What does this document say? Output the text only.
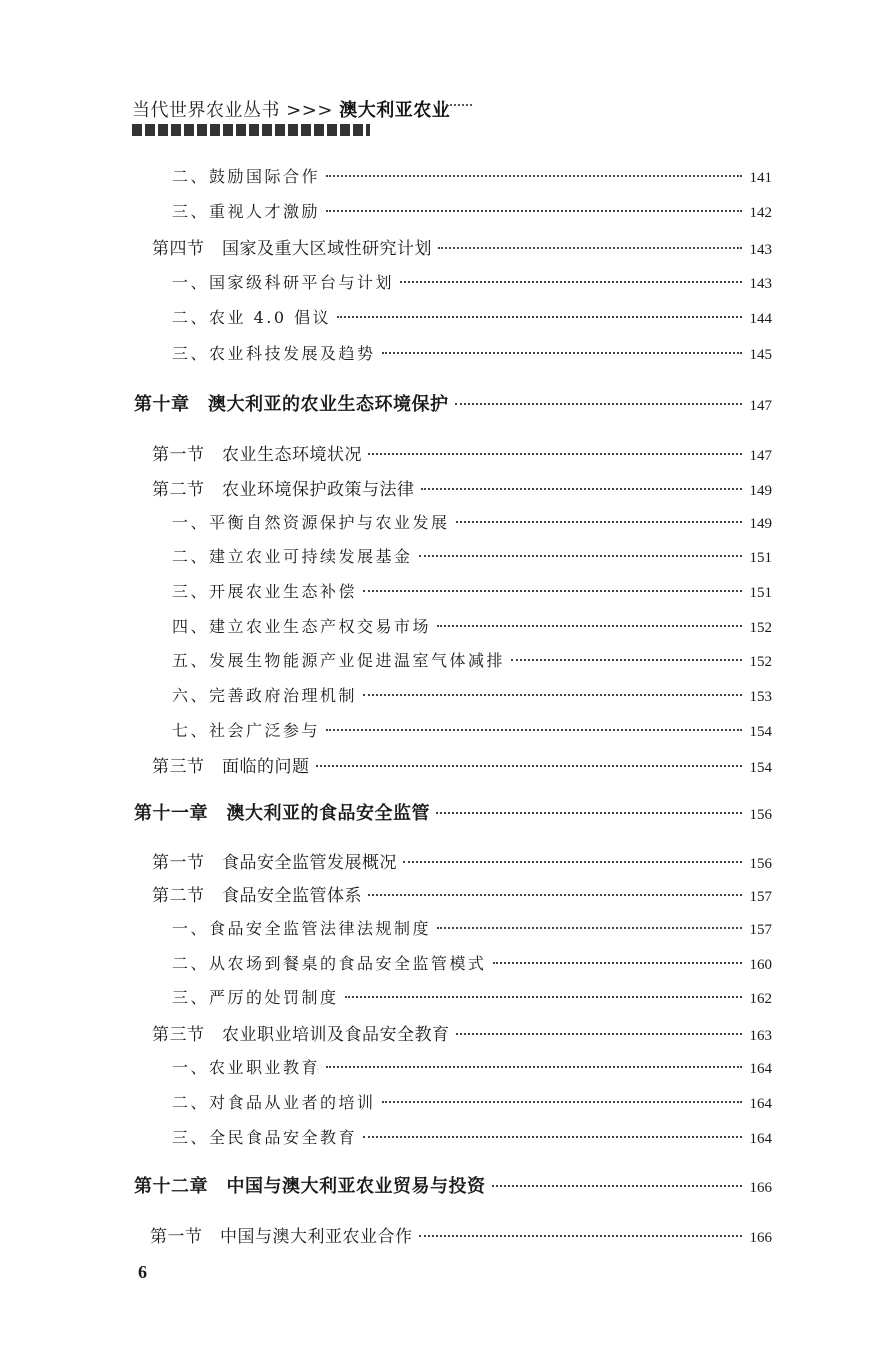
当代世界农业丛书 >>> 澳大利亚农业
二、鼓励国际合作	141
三、重视人才激励	142
第四节　国家及重大区域性研究计划	143
一、国家级科研平台与计划	143
二、农业 4.0 倡议	144
三、农业科技发展及趋势	145
第十章　澳大利亚的农业生态环境保护	147
第一节　农业生态环境状况	147
第二节　农业环境保护政策与法律	149
一、平衡自然资源保护与农业发展	149
二、建立农业可持续发展基金	151
三、开展农业生态补偿	151
四、建立农业生态产权交易市场	152
五、发展生物能源产业促进温室气体减排	152
六、完善政府治理机制	153
七、社会广泛参与	154
第三节　面临的问题	154
第十一章　澳大利亚的食品安全监管	156
第一节　食品安全监管发展概况	156
第二节　食品安全监管体系	157
一、食品安全监管法律法规制度	157
二、从农场到餐桌的食品安全监管模式	160
三、严厉的处罚制度	162
第三节　农业职业培训及食品安全教育	163
一、农业职业教育	164
二、对食品从业者的培训	164
三、全民食品安全教育	164
第十二章　中国与澳大利亚农业贸易与投资	166
第一节　中国与澳大利亚农业合作	166
6
